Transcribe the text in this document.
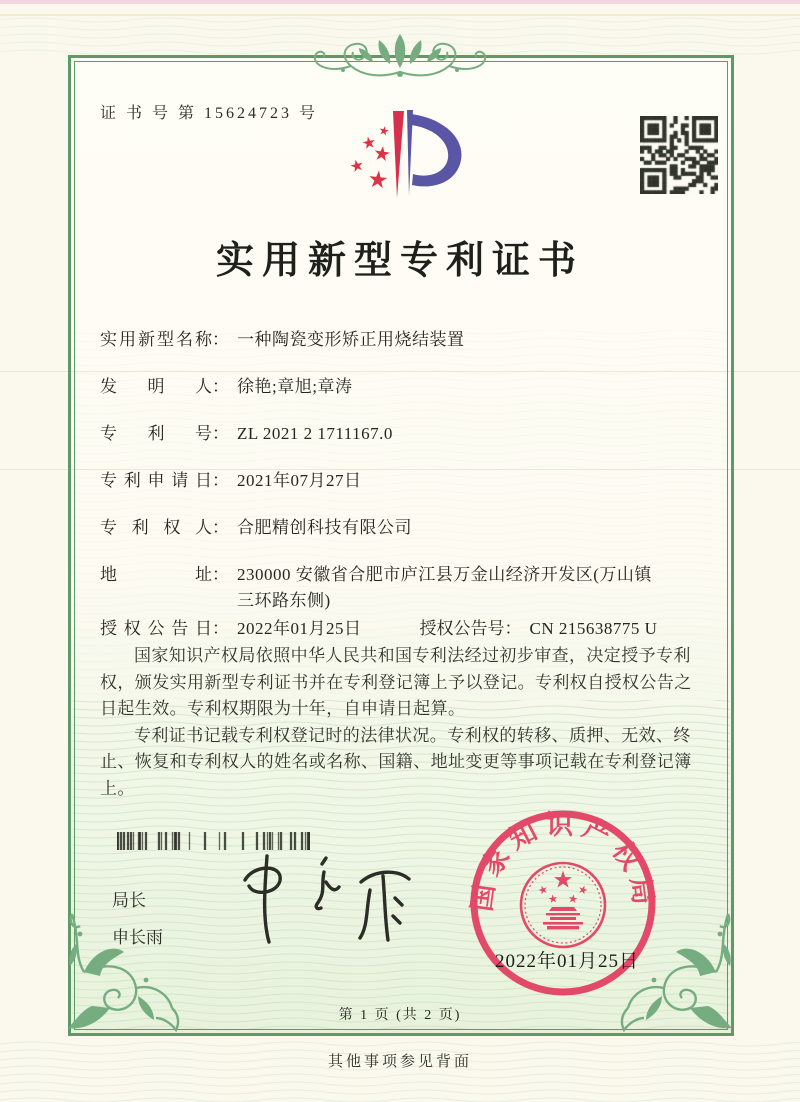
证 书 号 第 15624723 号
实用新型专利证书
实用新型名称 ： 一种陶瓷变形矫正用烧结装置
发明人 ： 徐艳;章旭;章涛
专利号 ： ZL 2021 2 1711167.0
专利申请日 ： 2021年07月27日
专利权人 ： 合肥精创科技有限公司
地址 ： 230000 安徽省合肥市庐江县万金山经济开发区(万山镇三环路东侧)
授权公告日 ： 2022年01月25日	授权公告号 ： CN 215638775 U

国家知识产权局依照中华人民共和国专利法经过初步审查，决定授予专利权，颁发实用新型专利证书并在专利登记簿上予以登记。专利权自授权公告之日起生效。专利权期限为十年，自申请日起算。

专利证书记载专利权登记时的法律状况。专利权的转移、质押、无效、终止、恢复和专利权人的姓名或名称、国籍、地址变更等事项记载在专利登记簿上。

局长
申长雨
国家知识产权局
2022年01月25日
第 1 页 (共 2 页)
其他事项参见背面
